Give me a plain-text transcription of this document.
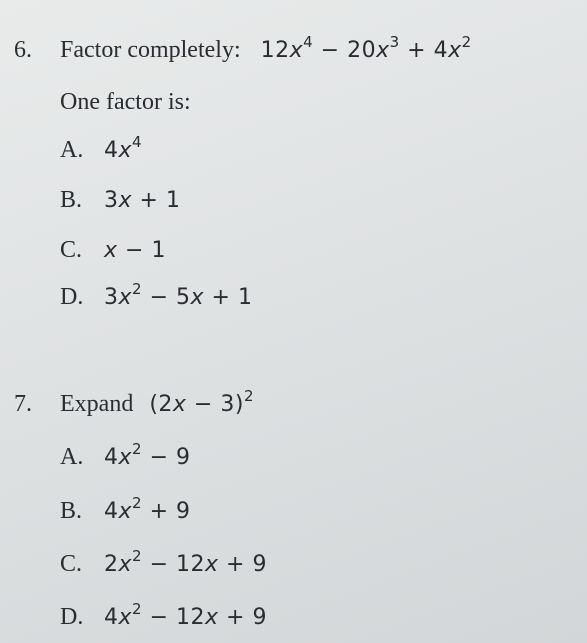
6. Factor completely: $12x^4 - 20x^3 + 4x^2$
One factor is:
A. $4x^4$
B. 3x + 1
C. x − 1
D. $3x^2 - 5x + 1$
7. Expand $(2x - 3)^2$
A. $4x^2 - 9$
B. $4x^2 + 9$
C. $2x^2 - 12x + 9$
D. $4x^2 - 12x + 9$
